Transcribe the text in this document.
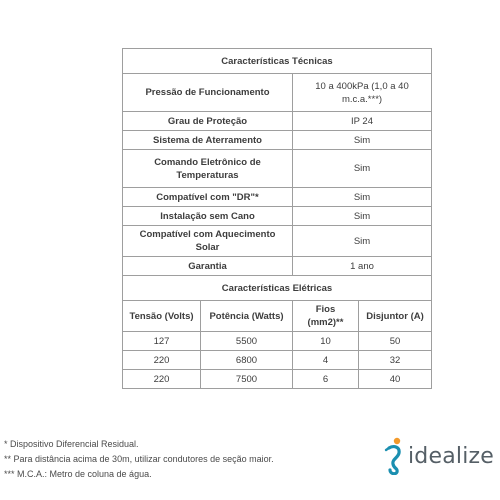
Características Técnicas			
Pressão de Funcionamento		10 a 400kPa (1,0 a 40 m.c.a.***)	
Grau de Proteção		IP 24	
Sistema de Aterramento		Sim	
Comando Eletrônico de Temperaturas		Sim	
Compatível com "DR"*		Sim	
Instalação sem Cano		Sim	
Compatível com Aquecimento Solar		Sim	
Garantia		1 ano	
Características Elétricas			
Tensão (Volts)	Potência (Watts)	Fios (mm2)**	Disjuntor (A)
127	5500	10	50
220	6800	4	32
220	7500	6	40
* Dispositivo Diferencial Residual.
** Para distância acima de 30m, utilizar condutores de seção maior.
*** M.C.A.: Metro de coluna de água.
idealize
